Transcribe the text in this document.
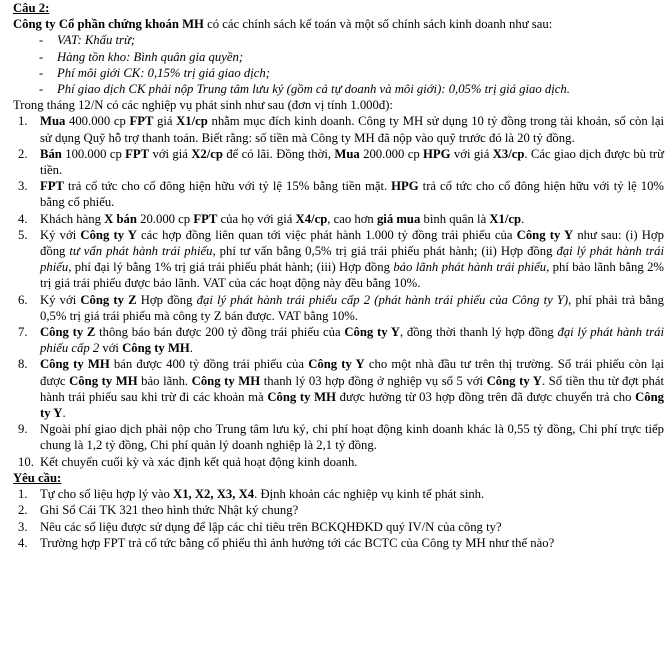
Câu 2:
Công ty Cổ phần chứng khoán MH có các chính sách kế toán và một số chính sách kinh doanh như sau:
- VAT: Khấu trừ;
- Hàng tồn kho: Bình quân gia quyền;
- Phí môi giới CK: 0,15% trị giá giao dịch;
- Phí giao dịch CK phải nộp Trung tâm lưu ký (gồm cả tự doanh và môi giới): 0,05% trị giá giao dịch.
Trong tháng 12/N có các nghiệp vụ phát sinh như sau (đơn vị tính 1.000đ):
1. Mua 400.000 cp FPT giá X1/cp nhằm mục đích kinh doanh. Công ty MH sử dụng 10 tỷ đồng trong tài khoản, số còn lại sử dụng Quỹ hỗ trợ thanh toán. Biết rằng: số tiền mà Công ty MH đã nộp vào quỹ trước đó là 20 tỷ đồng.
2. Bán 100.000 cp FPT với giá X2/cp để có lãi. Đồng thời, Mua 200.000 cp HPG với giá X3/cp. Các giao dịch được bù trừ tiền.
3. FPT trả cổ tức cho cổ đông hiện hữu với tỷ lệ 15% bằng tiền mặt. HPG trả cổ tức cho cổ đông hiện hữu với tỷ lệ 10% bằng cổ phiếu.
4. Khách hàng X bán 20.000 cp FPT của họ với giá X4/cp, cao hơn giá mua bình quân là X1/cp.
5. Ký với Công ty Y các hợp đồng liên quan tới việc phát hành 1.000 tỷ đồng trái phiếu của Công ty Y như sau: (i) Hợp đồng tư vấn phát hành trái phiếu, phí tư vấn bằng 0,5% trị giá trái phiếu phát hành; (ii) Hợp đồng đại lý phát hành trái phiếu, phí đại lý bằng 1% trị giá trái phiếu phát hành; (iii) Hợp đồng bảo lãnh phát hành trái phiếu, phí bảo lãnh bằng 2% trị giá trái phiếu được bảo lãnh. VAT của các hoạt động này đều bằng 10%.
6. Ký với Công ty Z Hợp đồng đại lý phát hành trái phiếu cấp 2 (phát hành trái phiếu của Công ty Y), phí phải trả bằng 0,5% trị giá trái phiếu mà công ty Z bán được. VAT bằng 10%.
7. Công ty Z thông báo bán được 200 tỷ đồng trái phiếu của Công ty Y, đồng thời thanh lý hợp đồng đại lý phát hành trái phiếu cấp 2 với Công ty MH.
8. Công ty MH bán được 400 tỷ đồng trái phiếu của Công ty Y cho một nhà đầu tư trên thị trường. Số trái phiếu còn lại được Công ty MH bảo lãnh. Công ty MH thanh lý 03 hợp đồng ở nghiệp vụ số 5 với Công ty Y. Số tiền thu từ đợt phát hành trái phiếu sau khi trừ đi các khoản mà Công ty MH được hưởng từ 03 hợp đồng trên đã được chuyển trả cho Công ty Y.
9. Ngoài phí giao dịch phải nộp cho Trung tâm lưu ký, chi phí hoạt động kinh doanh khác là 0,55 tỷ đồng, Chi phí trực tiếp chung là 1,2 tỷ đồng, Chi phí quản lý doanh nghiệp là 2,1 tỷ đồng.
10. Kết chuyển cuối kỳ và xác định kết quả hoạt động kinh doanh.
Yêu cầu:
1. Tự cho số liệu hợp lý vào X1, X2, X3, X4. Định khoản các nghiệp vụ kinh tế phát sinh.
2. Ghi Sổ Cái TK 321 theo hình thức Nhật ký chung?
3. Nêu các số liệu được sử dụng để lập các chỉ tiêu trên BCKQHĐKD quý IV/N của công ty?
4. Trường hợp FPT trả cổ tức bằng cổ phiếu thì ảnh hưởng tới các BCTC của Công ty MH như thế nào?
